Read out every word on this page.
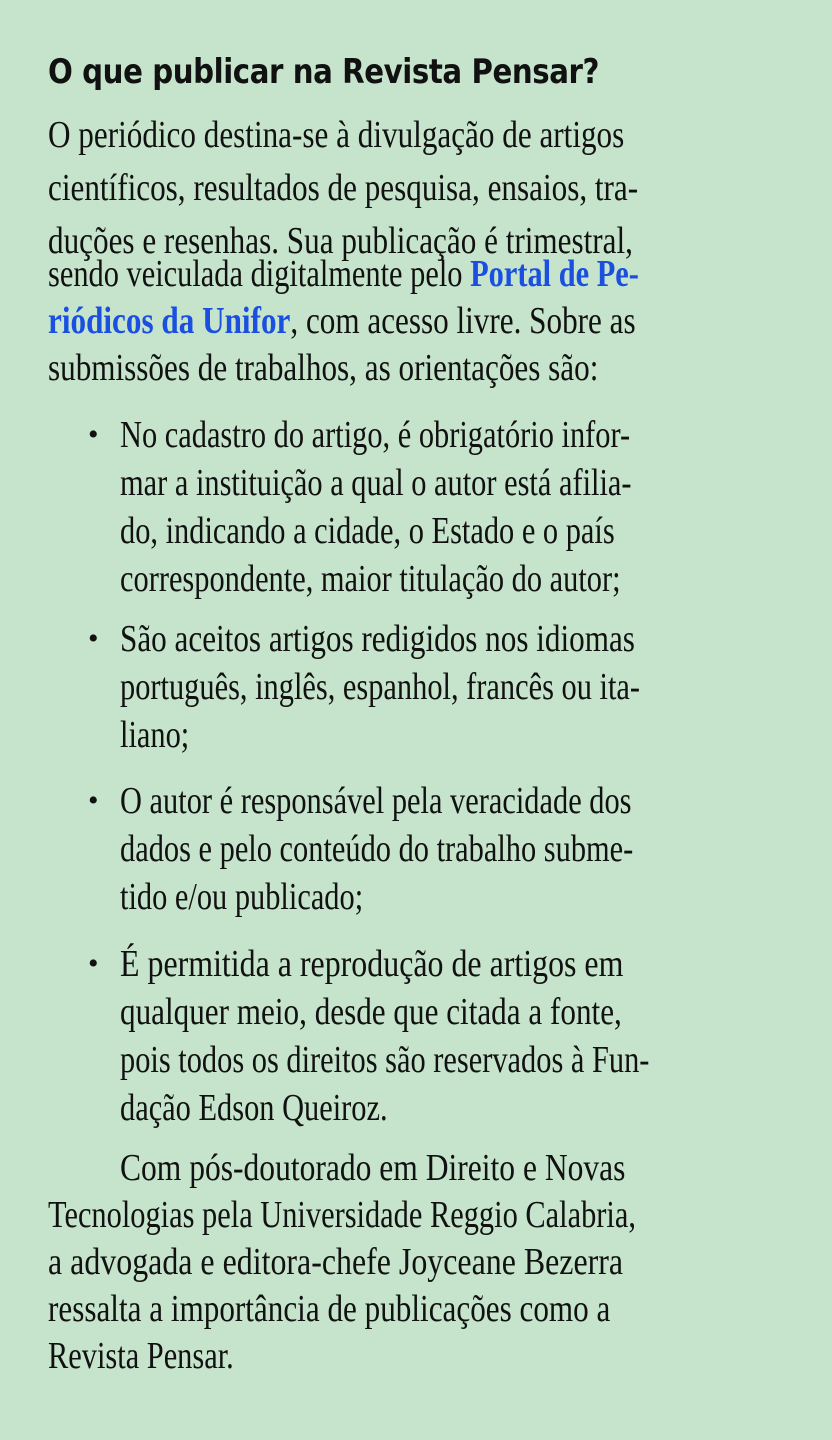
O que publicar na Revista Pensar?
O periódico destina-se à divulgação de artigos
científicos, resultados de pesquisa, ensaios, tra-
duções e resenhas. Sua publicação é trimestral,
sendo veiculada digitalmente pelo Portal de Pe-
riódicos da Unifor, com acesso livre. Sobre as
submissões de trabalhos, as orientações são:
• No cadastro do artigo, é obrigatório infor-
mar a instituição a qual o autor está afilia-
do, indicando a cidade, o Estado e o país
correspondente, maior titulação do autor;
• São aceitos artigos redigidos nos idiomas
português, inglês, espanhol, francês ou ita-
liano;
• O autor é responsável pela veracidade dos
dados e pelo conteúdo do trabalho subme-
tido e/ou publicado;
• É permitida a reprodução de artigos em
qualquer meio, desde que citada a fonte,
pois todos os direitos são reservados à Fun-
dação Edson Queiroz.
Com pós-doutorado em Direito e Novas
Tecnologias pela Universidade Reggio Calabria,
a advogada e editora-chefe Joyceane Bezerra
ressalta a importância de publicações como a
Revista Pensar.
